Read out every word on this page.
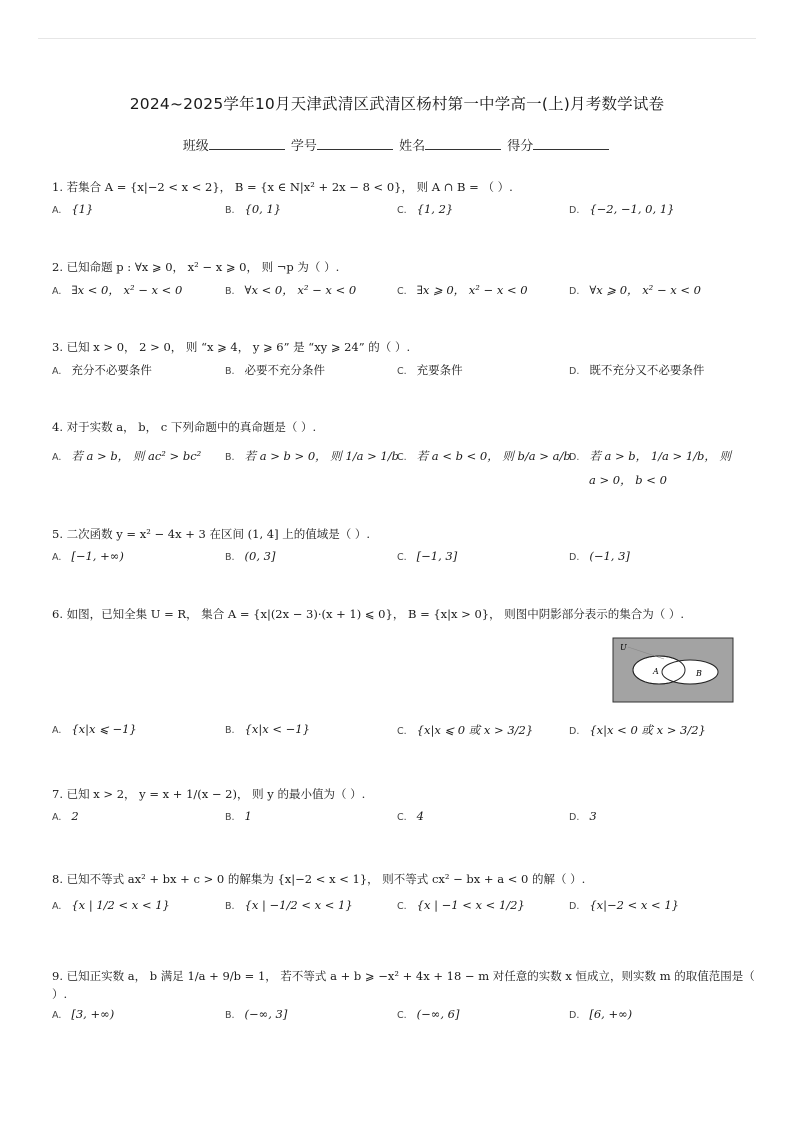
2024~2025学年10月天津武清区武清区杨村第一中学高一(上)月考数学试卷
班级	学号	姓名	得分
1. 若集合 A = {x|−2 < x < 2}， B = {x ∈ N|x² + 2x − 8 < 0}， 则 A ∩ B = （ ）.
A. {1}	B. {0, 1}	C. {1, 2}	D. {−2, −1, 0, 1}
2. 已知命题 p : ∀x ⩾ 0， x² − x ⩾ 0， 则 ¬p 为（ ）.
A. ∃x < 0， x² − x < 0	B. ∀x < 0， x² − x < 0	C. ∃x ⩾ 0， x² − x < 0	D. ∀x ⩾ 0， x² − x < 0
3. 已知 x > 0， 2 > 0， 则 “x ⩾ 4， y ⩾ 6” 是 “xy ⩾ 24” 的（ ）.
A. 充分不必要条件	B. 必要不充分条件	C. 充要条件	D. 既不充分又不必要条件
4. 对于实数 a， b， c 下列命题中的真命题是（ ）.
A. 若 a > b， 则 ac² > bc² B. 若 a > b > 0， 则 1/a > 1/b
C. 若 a < b < 0， 则 b/a > a/b
D. 若 a > b， 1/a > 1/b， 则
a > 0， b < 0
5. 二次函数 y = x² − 4x + 3 在区间 (1, 4] 上的值域是（ ）.
A. [−1, +∞)	B. (0, 3]	C. [−1, 3]	D. (−1, 3]
6. 如图，已知全集 U = R， 集合 A = {x|(2x − 3)·(x + 1) ⩽ 0}， B = {x|x > 0}， 则图中阴影部分表示的集合为（ ）.
U
A	B
A. {x|x ⩽ −1}	B. {x|x < −1}	C. {x|x ⩽ 0 或 x > 3/2}	D. {x|x < 0 或 x > 3/2}
7. 已知 x > 2， y = x + 1/(x − 2)， 则 y 的最小值为（ ）.
A. 2	B. 1	C. 4	D. 3
8. 已知不等式 ax² + bx + c > 0 的解集为 {x|−2 < x < 1}， 则不等式 cx² − bx + a < 0 的解（ ）.
A. {x | 1/2 < x < 1}	B. {x | −1/2 < x < 1}	C. {x | −1 < x < 1/2}	D. {x|−2 < x < 1}
9. 已知正实数 a， b 满足 1/a + 9/b = 1， 若不等式 a + b ⩾ −x² + 4x + 18 − m 对任意的实数 x 恒成立，则实数 m 的取值范围是（
）.
A. [3, +∞)	B. (−∞, 3]	C. (−∞, 6]	D. [6, +∞)
